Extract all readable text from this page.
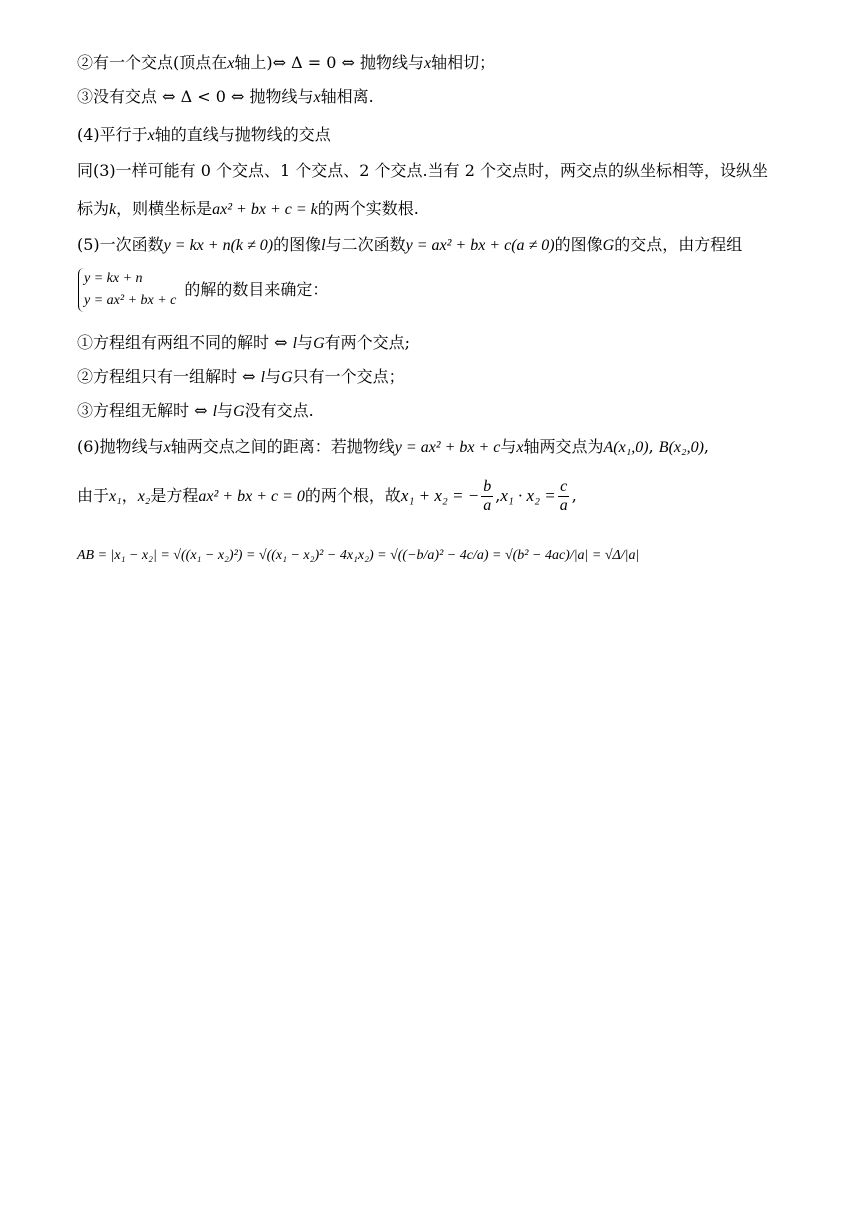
②有一个交点(顶点在x轴上)⇔ Δ = 0 ⇔ 抛物线与x轴相切；
③没有交点 ⇔ Δ < 0 ⇔ 抛物线与x轴相离.
(4)平行于x轴的直线与抛物线的交点
同(3)一样可能有 0 个交点、1 个交点、2 个交点.当有 2 个交点时，两交点的纵坐标相等，设纵坐
标为k，则横坐标是ax² + bx + c = k的两个实数根.
(5)一次函数y = kx + n(k ≠ 0)的图像l与二次函数y = ax² + bx + c(a ≠ 0)的图像G的交点，由方程组
y = kx + n
y = ax² + bx + c
的解的数目来确定：
①方程组有两组不同的解时 ⇔ l与G有两个交点;
②方程组只有一组解时 ⇔ l与G只有一个交点；
③方程组无解时 ⇔ l与G没有交点.
(6)抛物线与x轴两交点之间的距离：若抛物线y = ax² + bx + c与x轴两交点为A(x₁,0), B(x₂,0),
由于x₁，x₂是方程ax² + bx + c = 0的两个根，故x₁ + x₂ = − $\frac{b}{a} ,x_1 \cdot x_2 = \frac{c}{a}$ ,
AB = |x₁ − x₂| = √((x₁ − x₂)²) = √((x₁ − x₂)² − 4x₁x₂) = √((−b/a)² − 4c/a) = √(b² − 4ac)/|a| = √Δ/|a|
